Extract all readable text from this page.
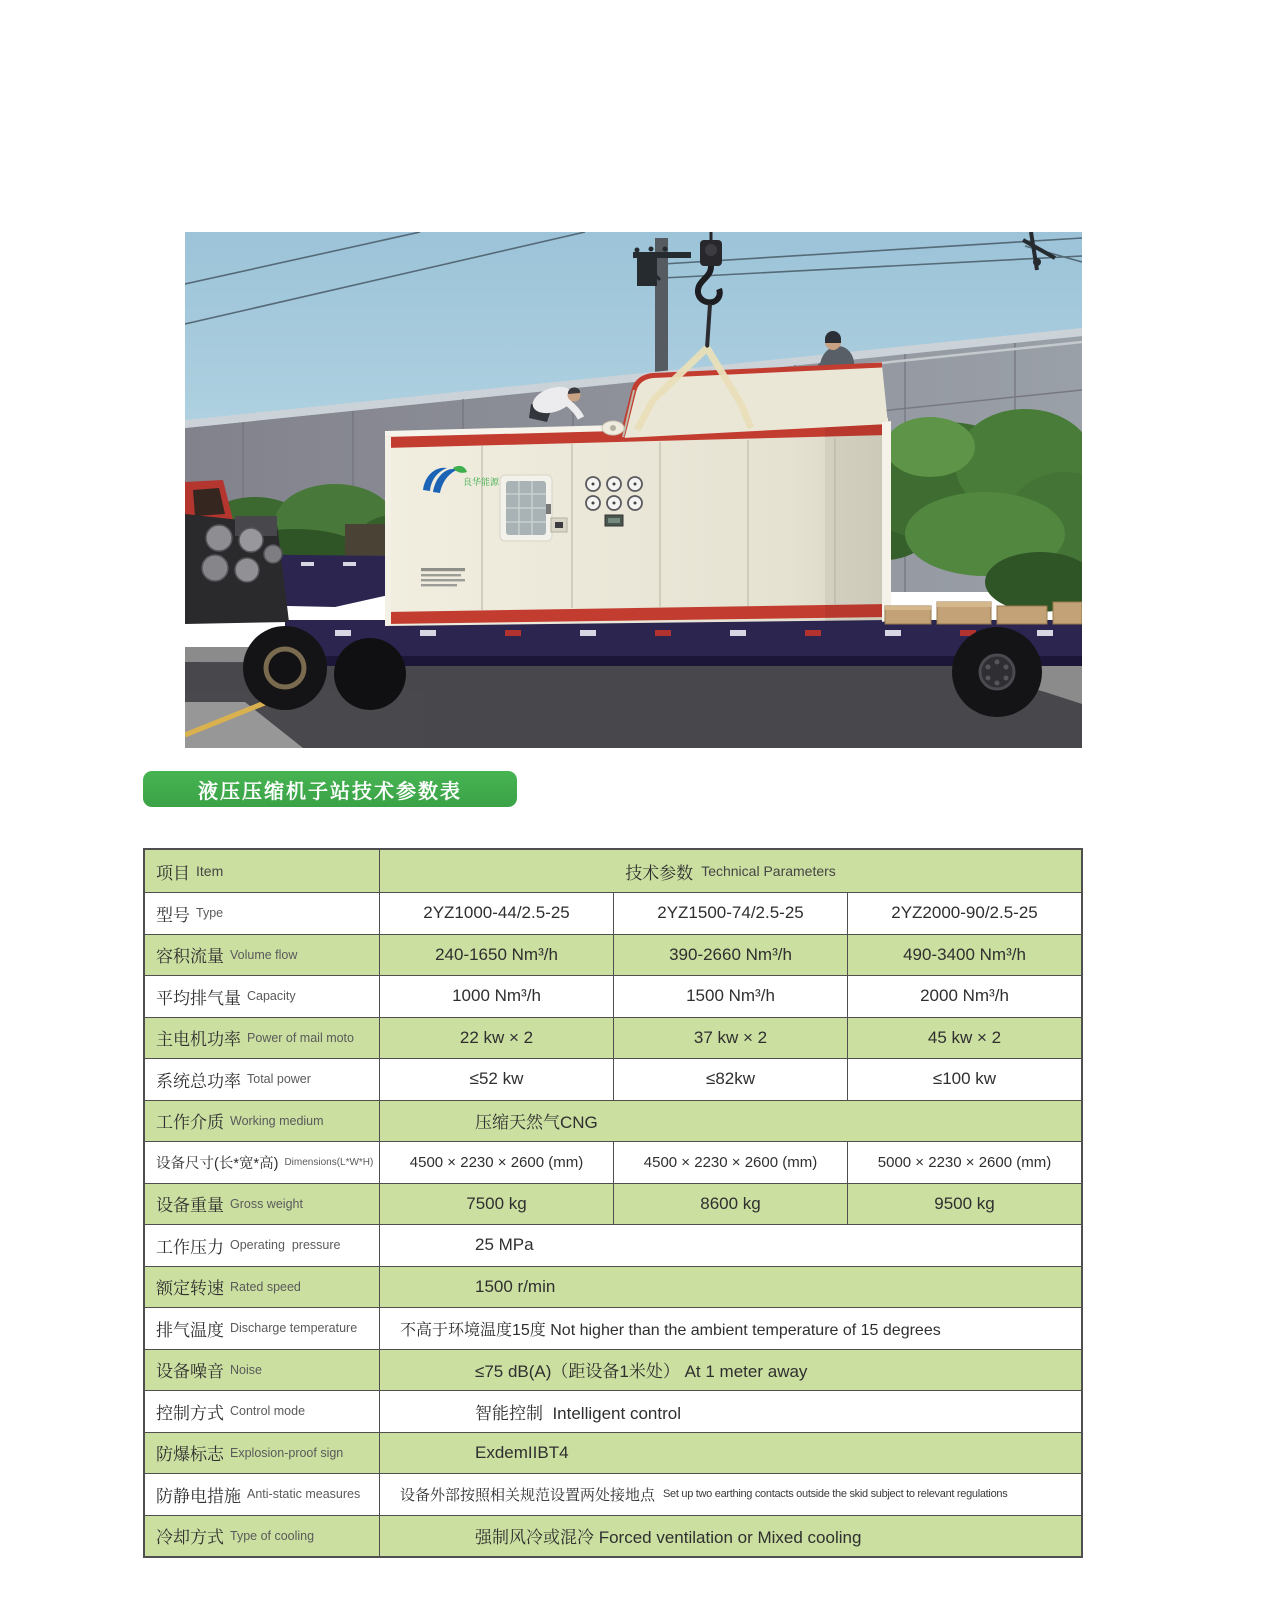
良华能源
液压压缩机子站技术参数表
项目 Item	技术参数 Technical Parameters
型号 Type	2YZ1000-44/2.5-25	2YZ1500-74/2.5-25	2YZ2000-90/2.5-25
容积流量 Volume flow	240-1650 Nm³/h	390-2660 Nm³/h	490-3400 Nm³/h
平均排气量 Capacity	1000 Nm³/h	1500 Nm³/h	2000 Nm³/h
主电机功率 Power of mail moto	22 kw × 2	37 kw × 2	45 kw × 2
系统总功率 Total power	≤52 kw	≤82kw	≤100 kw
工作介质 Working medium	压缩天然气CNG
设备尺寸(长*宽*高) Dimensions(L*W*H)	4500 × 2230 × 2600 (mm)	4500 × 2230 × 2600 (mm)	5000 × 2230 × 2600 (mm)
设备重量 Gross weight	7500 kg	8600 kg	9500 kg
工作压力 Operating  pressure	25 MPa
额定转速 Rated speed	1500 r/min
排气温度 Discharge temperature	不高于环境温度15度 Not higher than the ambient temperature of 15 degrees
设备噪音 Noise	≤75 dB(A)（距设备1米处） At 1 meter away
控制方式 Control mode	智能控制  Intelligent control
防爆标志 Explosion-proof sign	ExdemIIBT4
防静电措施 Anti-static measures	设备外部按照相关规范设置两处接地点 Set up two earthing contacts outside the skid subject to relevant regulations
冷却方式 Type of cooling	强制风冷或混冷 Forced ventilation or Mixed cooling
